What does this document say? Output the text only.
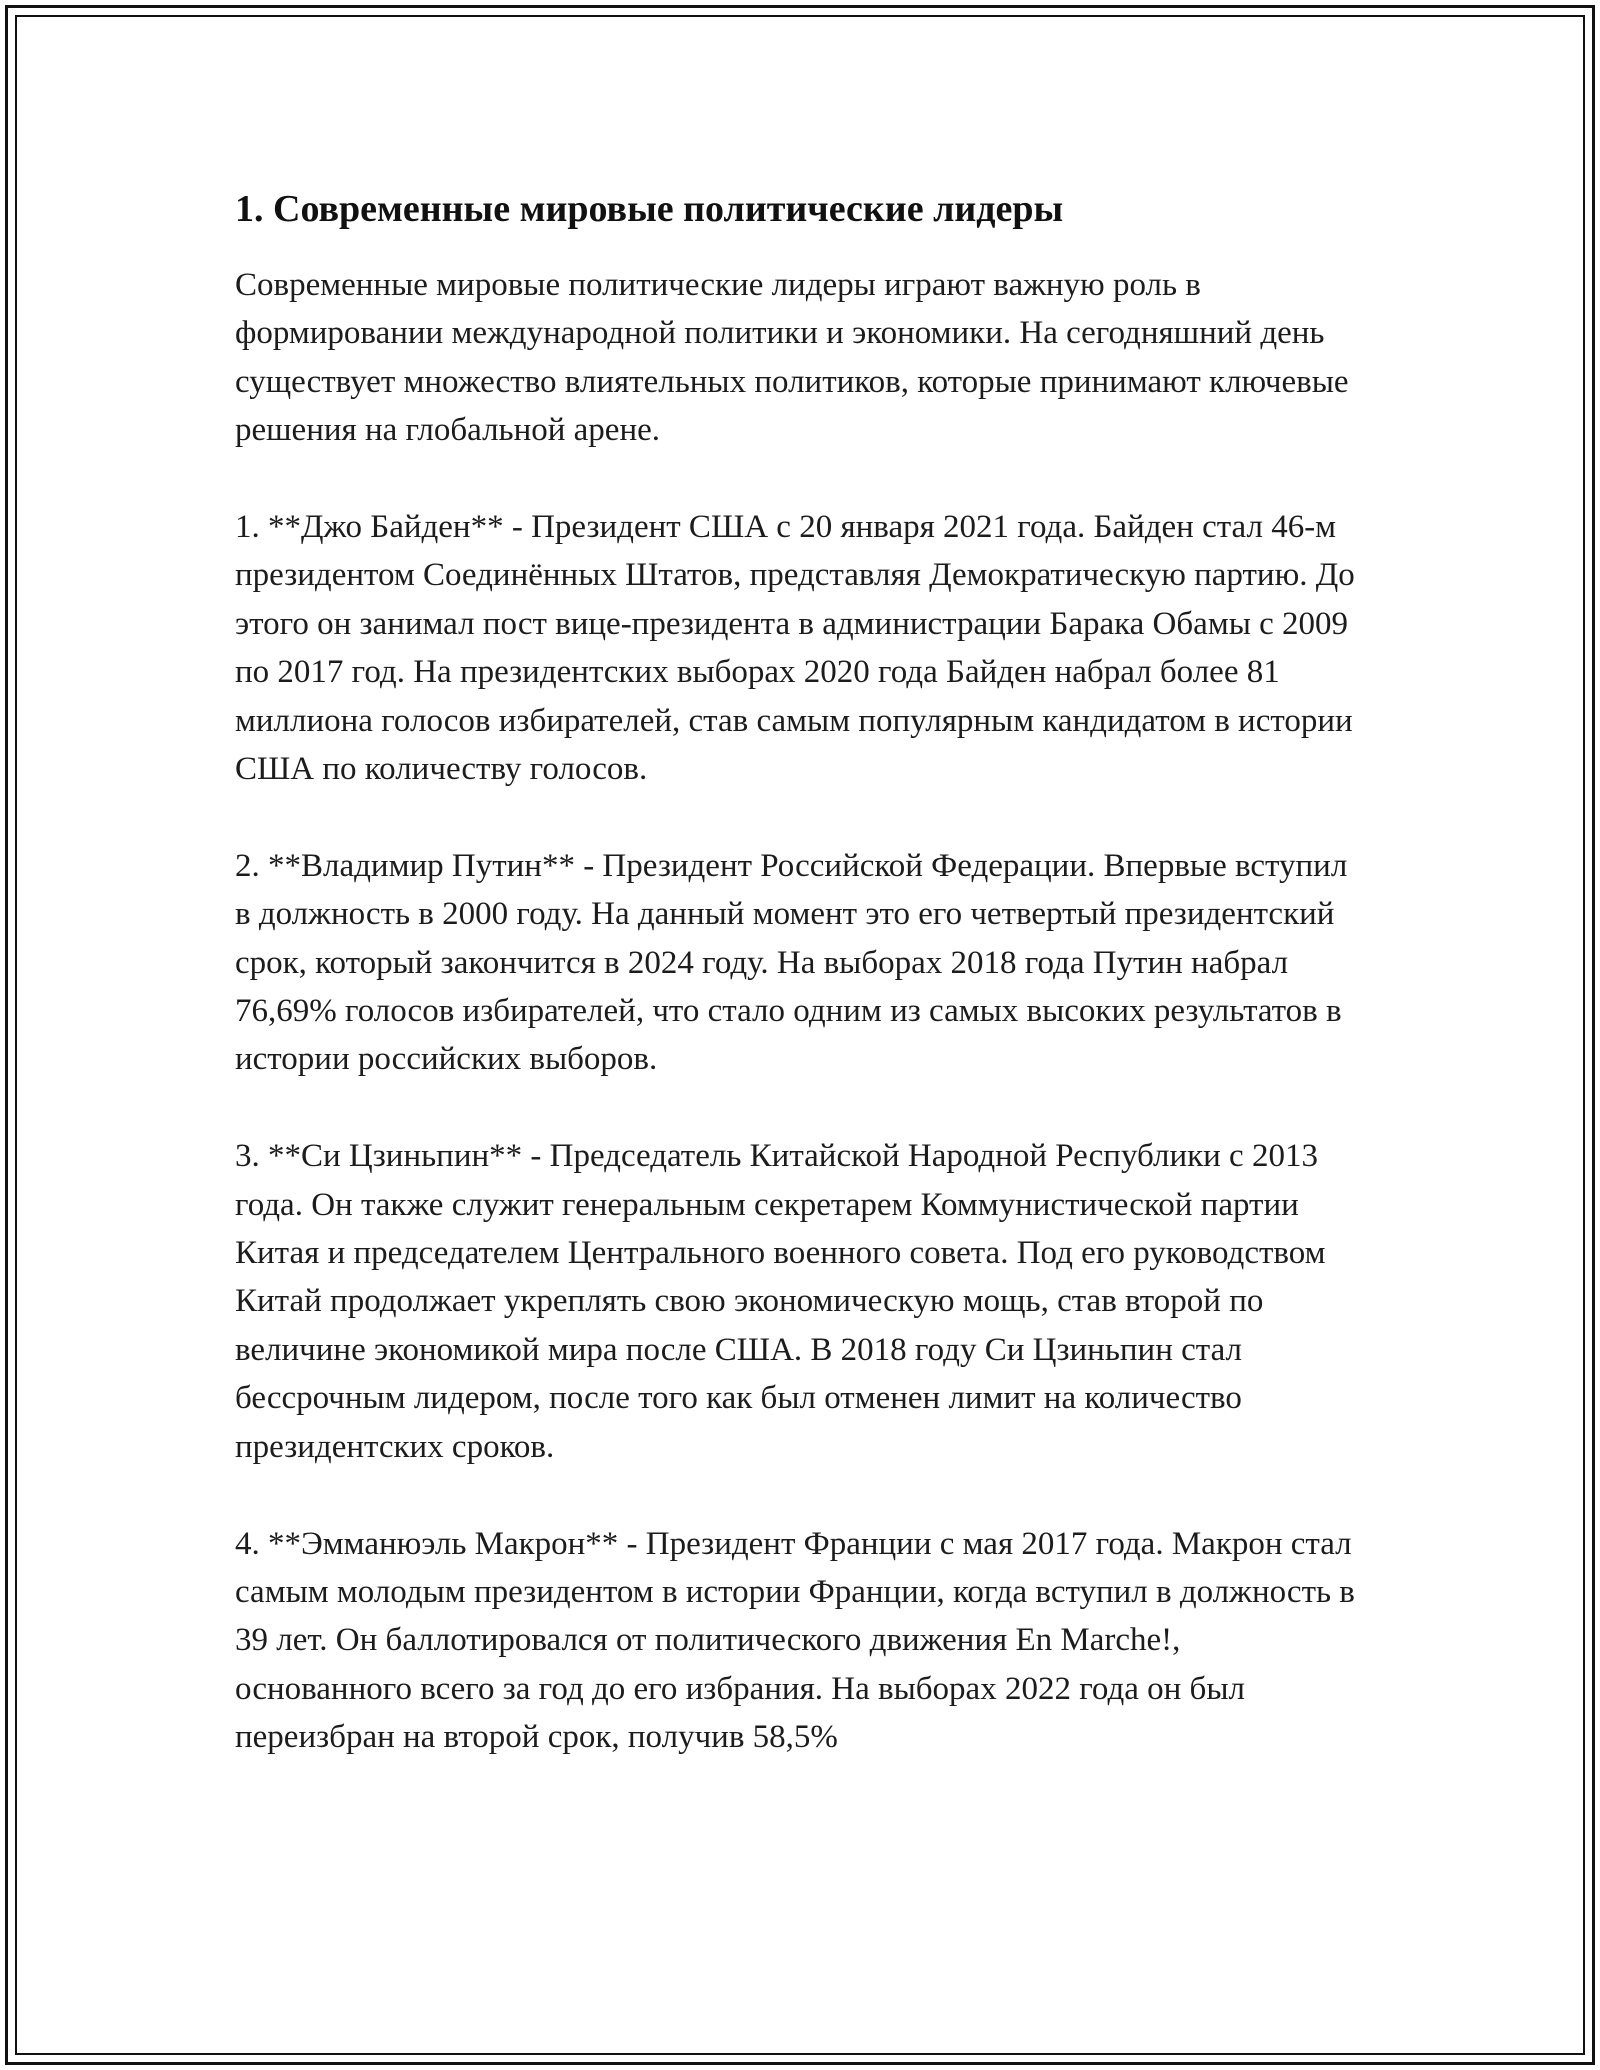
1. Современные мировые политические лидеры

Современные мировые политические лидеры играют важную роль в формировании международной политики и экономики. На сегодняшний день существует множество влиятельных политиков, которые принимают ключевые решения на глобальной арене.

1. **Джо Байден** - Президент США с 20 января 2021 года. Байден стал 46-м президентом Соединённых Штатов, представляя Демократическую партию. До этого он занимал пост вице-президента в администрации Барака Обамы с 2009 по 2017 год. На президентских выборах 2020 года Байден набрал более 81 миллиона голосов избирателей, став самым популярным кандидатом в истории США по количеству голосов.

2. **Владимир Путин** - Президент Российской Федерации. Впервые вступил в должность в 2000 году. На данный момент это его четвертый президентский срок, который закончится в 2024 году. На выборах 2018 года Путин набрал 76,69% голосов избирателей, что стало одним из самых высоких результатов в истории российских выборов.

3. **Си Цзиньпин** - Председатель Китайской Народной Республики с 2013 года. Он также служит генеральным секретарем Коммунистической партии Китая и председателем Центрального военного совета. Под его руководством Китай продолжает укреплять свою экономическую мощь, став второй по величине экономикой мира после США. В 2018 году Си Цзиньпин стал бессрочным лидером, после того как был отменен лимит на количество президентских сроков.

4. **Эмманюэль Макрон** - Президент Франции с мая 2017 года. Макрон стал самым молодым президентом в истории Франции, когда вступил в должность в 39 лет. Он баллотировался от политического движения En Marche!, основанного всего за год до его избрания. На выборах 2022 года он был переизбран на второй срок, получив 58,5%
